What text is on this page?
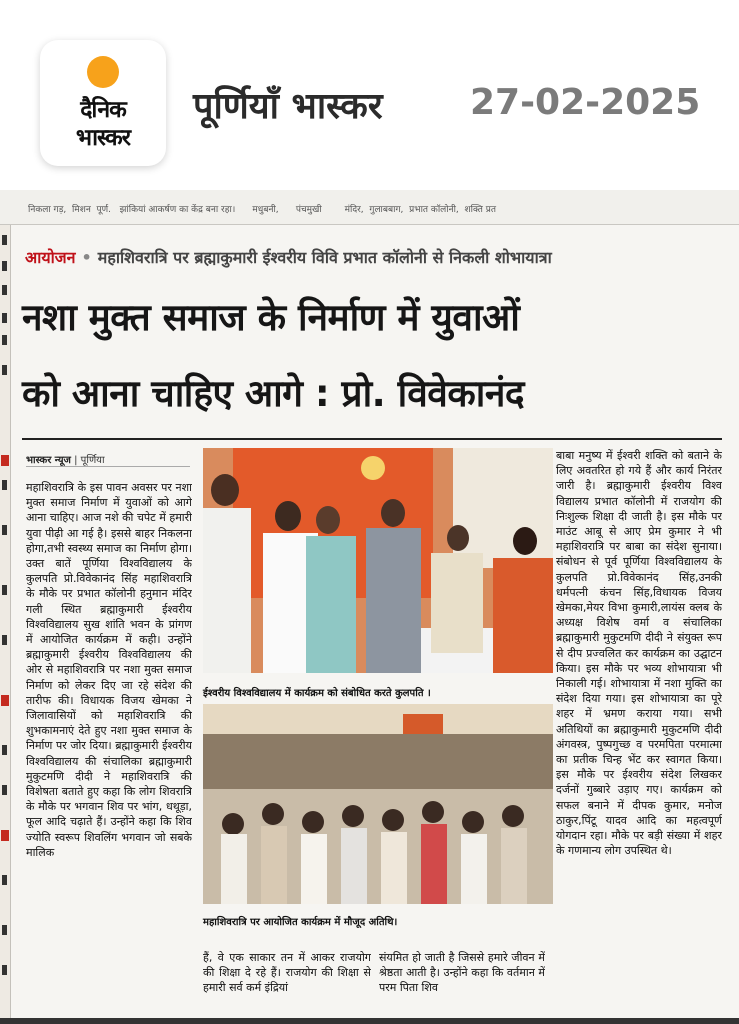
दैनिक
भास्कर
पूर्णियाँ भास्कर 27-02-2025
निकला गड़,  मिशन  पूर्ण.   झांकियां आकर्षण का केंद्र बना रहा।      मधुबनी,      पंचमुखी        मंदिर,  गुलाबबाग,  प्रभात कॉलोनी,  शक्ति प्रत
आयोजन • महाशिवरात्रि पर ब्रह्माकुमारी ईश्वरीय विवि प्रभात कॉलोनी से निकली शोभायात्रा
नशा मुक्त समाज के निर्माण में युवाओं
को आना चाहिए आगे : प्रो. विवेकानंद
भास्कर न्यूज | पूर्णिया

महाशिवरात्रि के इस पावन अवसर पर नशा मुक्त समाज निर्माण में युवाओं को आगे आना चाहिए। आज नशे की चपेट में हमारी युवा पीढ़ी आ गई है। इससे बाहर निकलना होगा,तभी स्वस्थ्य समाज का निर्माण होगा। उक्त बातें पूर्णिया विश्वविद्यालय के कुलपति प्रो.विवेकानंद सिंह महाशिवरात्रि के मौके पर प्रभात कॉलोनी हनुमान मंदिर गली स्थित ब्रह्माकुमारी ईश्वरीय विश्वविद्यालय सुख शांति भवन के प्रांगण में आयोजित कार्यक्रम में कही। उन्होंने ब्रह्माकुमारी ईश्वरीय विश्वविद्यालय की ओर से महाशिवरात्रि पर नशा मुक्त समाज निर्माण को लेकर दिए जा रहे संदेश की तारीफ की। विधायक विजय खेमका ने जिलावासियों को महाशिवरात्रि की शुभकामनाएं देते हुए नशा मुक्त समाज के निर्माण पर जोर दिया। ब्रह्माकुमारी ईश्वरीय विश्वविद्यालय की संचालिका ब्रह्माकुमारी मुकुटमणि दीदी ने महाशिवरात्रि की विशेषता बताते हुए कहा कि लोग शिवरात्रि के मौके पर भगवान शिव पर भांग, धथूड़ा, फूल आदि चढ़ाते हैं। उन्होंने कहा कि शिव ज्योति स्वरूप शिवलिंग भगवान जो सबके मालिक

ईश्वरीय विश्वविद्यालय में कार्यक्रम को संबोधित करते कुलपति ।
महाशिवरात्रि पर आयोजित कार्यक्रम में मौजूद अतिथि।

हैं, वे एक साकार तन में आकर राजयोग की शिक्षा दे रहे हैं। राजयोग की शिक्षा से हमारी सर्व कर्म इंद्रियां

संयमित हो जाती है जिससे हमारे जीवन में श्रेष्ठता आती है। उन्होंने कहा कि वर्तमान में परम पिता शिव

बाबा मनुष्य में ईश्वरी शक्ति को बताने के लिए अवतरित हो गये हैं और कार्य निरंतर जारी है। ब्रह्माकुमारी ईश्वरीय विश्व विद्यालय प्रभात कॉलोनी में राजयोग की निःशुल्क शिक्षा दी जाती है। इस मौके पर माउंट आबू से आए प्रेम कुमार ने भी महाशिवरात्रि पर बाबा का संदेश सुनाया। संबोधन से पूर्व पूर्णिया विश्वविद्यालय के कुलपति प्रो.विवेकानंद सिंह,उनकी धर्मपत्नी कंचन सिंह,विधायक विजय खेमका,मेयर विभा कुमारी,लायंस क्लब के अध्यक्ष विशेष वर्मा व संचालिका ब्रह्माकुमारी मुकुटमणि दीदी ने संयुक्त रूप से दीप प्रज्वलित कर कार्यक्रम का उद्घाटन किया। इस मौके पर भव्य शोभायात्रा भी निकाली गई। शोभायात्रा में नशा मुक्ति का संदेश दिया गया। इस शोभायात्रा का पूरे शहर में भ्रमण कराया गया। सभी अतिथियों का ब्रह्माकुमारी मुकुटमणि दीदी अंगवस्त्र, पुष्पगुच्छ व परमपिता परमात्मा का प्रतीक चिन्ह भेंट कर स्वागत किया। इस मौके पर ईश्वरीय संदेश लिखकर दर्जनों गुब्बारे उड़ाए गए। कार्यक्रम को सफल बनाने में दीपक कुमार, मनोज ठाकुर,पिंटू यादव आदि का महत्वपूर्ण योगदान रहा। मौके पर बड़ी संख्या में शहर के गणमान्य लोग उपस्थित थे।
